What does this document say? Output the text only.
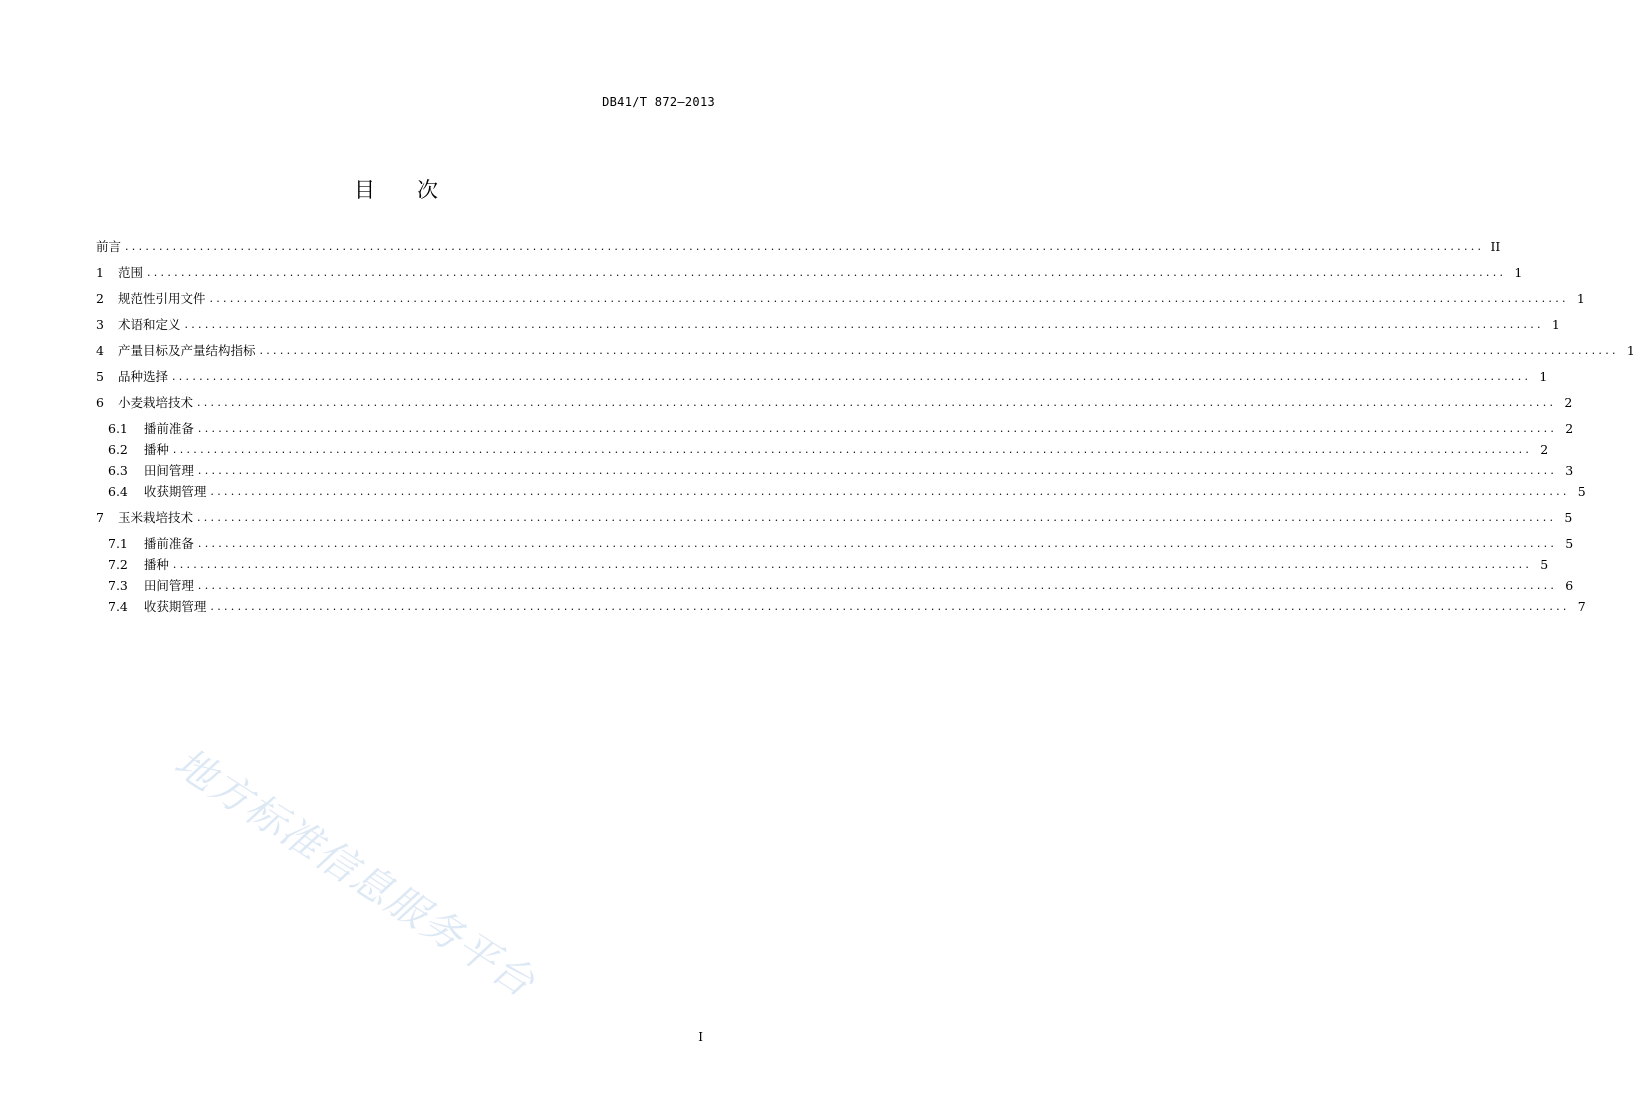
DB41/T 872—2013
目次
前言 ........................................................................................................................................................................................................ II
1 范围 ........................................................................................................................................................................................................ 1
2 规范性引用文件 ........................................................................................................................................................................................................ 1
3 术语和定义 ........................................................................................................................................................................................................ 1
4 产量目标及产量结构指标 ........................................................................................................................................................................................................ 1
5 品种选择 ........................................................................................................................................................................................................ 1
6 小麦栽培技术 ........................................................................................................................................................................................................ 2
6.1 播前准备 ........................................................................................................................................................................................................ 2
6.2 播种 ........................................................................................................................................................................................................ 2
6.3 田间管理 ........................................................................................................................................................................................................ 3
6.4 收获期管理 ........................................................................................................................................................................................................ 5
7 玉米栽培技术 ........................................................................................................................................................................................................ 5
7.1 播前准备 ........................................................................................................................................................................................................ 5
7.2 播种 ........................................................................................................................................................................................................ 5
7.3 田间管理 ........................................................................................................................................................................................................ 6
7.4 收获期管理 ........................................................................................................................................................................................................ 7
地方标准信息服务平台
I
